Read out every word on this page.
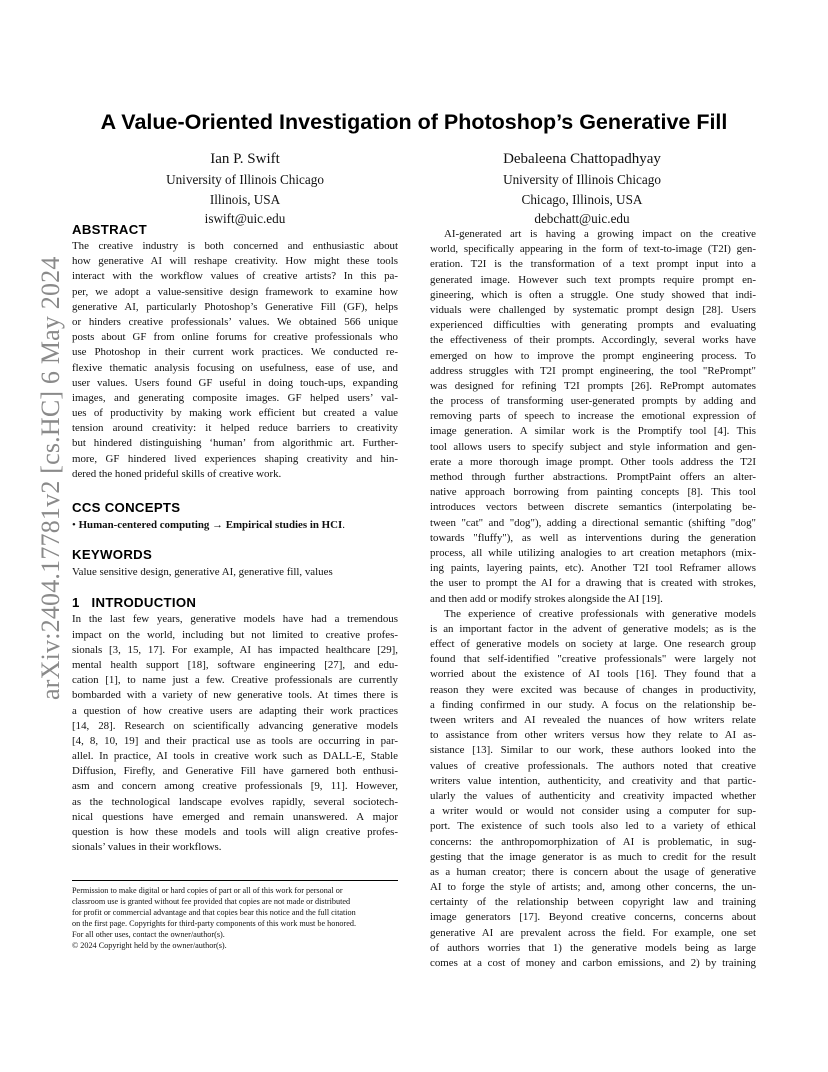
arXiv:2404.17781v2 [cs.HC] 6 May 2024
A Value-Oriented Investigation of Photoshop’s Generative Fill
Ian P. Swift
University of Illinois Chicago
Illinois, USA
iswift@uic.edu
Debaleena Chattopadhyay
University of Illinois Chicago
Chicago, Illinois, USA
debchatt@uic.edu
ABSTRACT
The creative industry is both concerned and enthusiastic about
how generative AI will reshape creativity. How might these tools
interact with the workflow values of creative artists? In this pa-
per, we adopt a value-sensitive design framework to examine how
generative AI, particularly Photoshop’s Generative Fill (GF), helps
or hinders creative professionals’ values. We obtained 566 unique
posts about GF from online forums for creative professionals who
use Photoshop in their current work practices. We conducted re-
flexive thematic analysis focusing on usefulness, ease of use, and
user values. Users found GF useful in doing touch-ups, expanding
images, and generating composite images. GF helped users’ val-
ues of productivity by making work efficient but created a value
tension around creativity: it helped reduce barriers to creativity
but hindered distinguishing ‘human’ from algorithmic art. Further-
more, GF hindered lived experiences shaping creativity and hin-
dered the honed prideful skills of creative work.
CCS CONCEPTS
• Human-centered computing → Empirical studies in HCI.
KEYWORDS
Value sensitive design, generative AI, generative fill, values
1   INTRODUCTION
In the last few years, generative models have had a tremendous
impact on the world, including but not limited to creative profes-
sionals [3, 15, 17]. For example, AI has impacted healthcare [29],
mental health support [18], software engineering [27], and edu-
cation [1], to name just a few. Creative professionals are currently
bombarded with a variety of new generative tools. At times there is
a question of how creative users are adapting their work practices
[14, 28]. Research on scientifically advancing generative models
[4, 8, 10, 19] and their practical use as tools are occurring in par-
allel. In practice, AI tools in creative work such as DALL-E, Stable
Diffusion, Firefly, and Generative Fill have garnered both enthusi-
asm and concern among creative professionals [9, 11]. However,
as the technological landscape evolves rapidly, several sociotech-
nical questions have emerged and remain unanswered. A major
question is how these models and tools will align creative profes-
sionals’ values in their workflows.
Permission to make digital or hard copies of part or all of this work for personal or
classroom use is granted without fee provided that copies are not made or distributed
for profit or commercial advantage and that copies bear this notice and the full citation
on the first page. Copyrights for third-party components of this work must be honored.
For all other uses, contact the owner/author(s).
© 2024 Copyright held by the owner/author(s).
AI-generated art is having a growing impact on the creative
world, specifically appearing in the form of text-to-image (T2I) gen-
eration. T2I is the transformation of a text prompt input into a
generated image. However such text prompts require prompt en-
gineering, which is often a struggle. One study showed that indi-
viduals were challenged by systematic prompt design [28]. Users
experienced difficulties with generating prompts and evaluating
the effectiveness of their prompts. Accordingly, several works have
emerged on how to improve the prompt engineering process. To
address struggles with T2I prompt engineering, the tool "RePrompt"
was designed for refining T2I prompts [26]. RePrompt automates
the process of transforming user-generated prompts by adding and
removing parts of speech to increase the emotional expression of
image generation. A similar work is the Promptify tool [4]. This
tool allows users to specify subject and style information and gen-
erate a more thorough image prompt. Other tools address the T2I
method through further abstractions. PromptPaint offers an alter-
native approach borrowing from painting concepts [8]. This tool
introduces vectors between discrete semantics (interpolating be-
tween "cat" and "dog"), adding a directional semantic (shifting "dog"
towards "fluffy"), as well as interventions during the generation
process, all while utilizing analogies to art creation metaphors (mix-
ing paints, layering paints, etc). Another T2I tool Reframer allows
the user to prompt the AI for a drawing that is created with strokes,
and then add or modify strokes alongside the AI [19].
The experience of creative professionals with generative models
is an important factor in the advent of generative models; as is the
effect of generative models on society at large. One research group
found that self-identified "creative professionals" were largely not
worried about the existence of AI tools [16]. They found that a
reason they were excited was because of changes in productivity,
a finding confirmed in our study. A focus on the relationship be-
tween writers and AI revealed the nuances of how writers relate
to assistance from other writers versus how they relate to AI as-
sistance [13]. Similar to our work, these authors looked into the
values of creative professionals. The authors noted that creative
writers value intention, authenticity, and creativity and that partic-
ularly the values of authenticity and creativity impacted whether
a writer would or would not consider using a computer for sup-
port. The existence of such tools also led to a variety of ethical
concerns: the anthropomorphization of AI is problematic, in sug-
gesting that the image generator is as much to credit for the result
as a human creator; there is concern about the usage of generative
AI to forge the style of artists; and, among other concerns, the un-
certainty of the relationship between copyright law and training
image generators [17]. Beyond creative concerns, concerns about
generative AI are prevalent across the field. For example, one set
of authors worries that 1) the generative models being as large
comes at a cost of money and carbon emissions, and 2) by training
